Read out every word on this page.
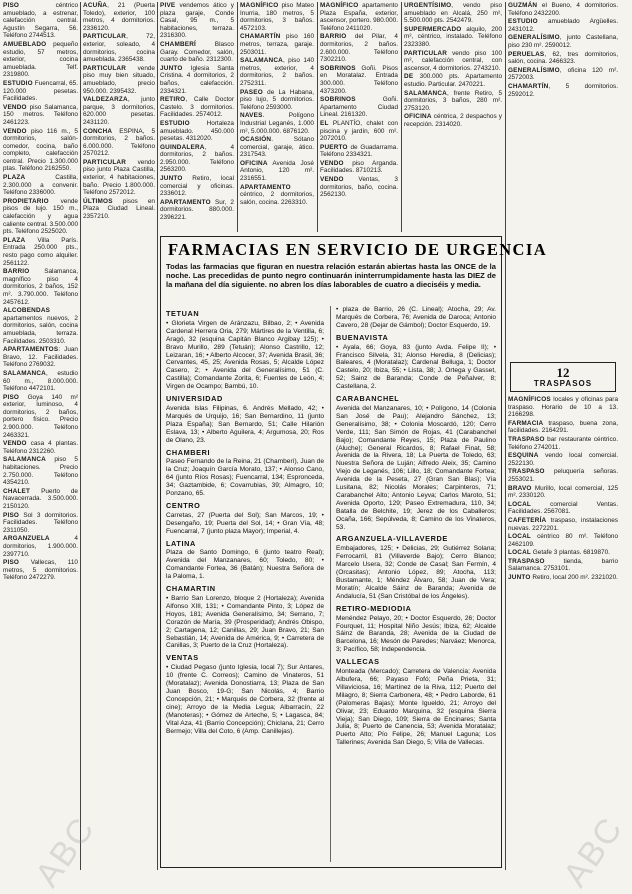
PISO céntrico amueblado, a estrenar, calefacción central. Agustín Segarra, 56. Teléfono 2744513.

AMUEBLADO pequeño estudio, 57 metros, exterior, cocina amueblada. Telf. 2319800.

ESTUDIO Fuencarral, 65. 120.000 pesetas. Facilidades.

VENDO piso Salamanca, 150 metros. Teléfono 2461223.

VENDO piso 116 m., 5 dormitorios, salón-comedor, cocina, baño completo, calefacción central. Precio 1.300.000 ptas. Teléfono 2162550.

PLAZA Castilla, 2.300.000 a convenir. Teléfono 2336000.

PROPIETARIO vende pisos de lujo. 150 m., calefacción y agua caliente central. 3.500.000 pts. Teléfono 2525020.

PLAZA Villa París. Entrada 250.000 pts., resto pago como alquiler. 2561122.

BARRIO Salamanca, magnífico piso 4 dormitorios, 2 baños, 152 m². 3.790.000. Teléfono 2457612.

ALCOBENDAS apartamentos nuevos, 2 dormitorios, salón, cocina amueblada, terraza. Facilidades. 2503310.

APARTAMENTOS: Juan Bravo, 12. Facilidades. Teléfono 2769032.

SALAMANCA, estudio 60 m., 8.000.000. Teléfono 4472101.

PISO Goya 140 m² exterior, luminoso, 4 dormitorios, 2 baños, portero físico. Precio 2.900.000. Teléfono 2463321.

VENDO casa 4 plantas. Teléfono 2312260.

SALAMANCA piso 5 habitaciones. Precio 2.750.000. Teléfono 4354210.

CHALET Puerto de Navacerrada. 3.500.000. 2150120.

PISO Sol 3 dormitorios. Facilidades. Teléfono 2311050.

ARGANZUELA 4 dormitorios, 1.900.000. 2397710.

PISO Vallecas, 110 metros, 5 dormitorios. Teléfono 2472279.

ACUÑA, 21 (Puerta Toledo), exterior, 100 metros, 4 dormitorios. 2336120.

PARTICULAR, 72, exterior, soleado, 4 dormitorios, cocina amueblada. 2365438.

PARTICULAR vende piso muy bien situado, amueblado, precio 950.000. 2395432.

VALDEZARZA, junto parque, 3 dormitorios, 620.000 pesetas. 2431120.

CONCHA ESPINA, 5 dormitorios, 2 baños. 6.000.000. Teléfono 2570212.

PARTICULAR vendo piso junto Plaza Castilla, exterior, 4 habitaciones, baño. Precio 1.800.000. Teléfono 2572012.

ÚLTIMOS pisos en Plaza Ciudad Lineal. 2357210.

PIVE vendemos ático y plaza garaje, Conde Casal, 95 m., 5 habitaciones, terraza. 2316300.

CHAMBERÍ Blasco Garay. Comedor, salón, cuarto de baño. 2312300.

JUNTO Iglesia Santa Cristina. 4 dormitorios, 2 baños, calefacción. 2334321.

RETIRO, Calle Doctor Castelo. 3 dormitorios. Facilidades. 2574012.

ESTUDIO Hortaleza amueblado. 450.000 pesetas. 4312020.

GUINDALERA, 4 dormitorios, 2 baños. 2.950.000. Teléfono 2563200.

JUNTO Retiro, local comercial y oficinas. 2336012.

APARTAMENTO Sur, 2 dormitorios. 880.000. 2396221.

MAGNÍFICO piso Mateo Inurria, 180 metros, 5 dormitorios, 3 baños. 4572103.

CHAMARTÍN piso 160 metros, terraza, garaje. 2503011.

SALAMANCA, piso 140 metros, exterior, 4 dormitorios, 2 baños. 2752311.

PASEO de La Habana, piso lujo, 5 dormitorios. Teléfono 2593000.

NAVES. Polígono Industrial Leganés, 1.000 m², 5.000.000. 6876120.

OCASIÓN. Sótano comercial, garaje, ático. 2317543.

OFICINA Avenida José Antonio, 120 m². 2316551.

APARTAMENTO céntrico, 2 dormitorios, salón, cocina. 2263310.

MAGNÍFICO apartamento Plaza España, exterior, ascensor, portero. 980.000. Teléfono 2411020.

BARRIO del Pilar, 4 dormitorios, 2 baños. 2.600.000. Teléfono 7302210.

SOBRINOS Goñi. Pisos en Moratalaz. Entrada 300.000. Teléfono 4373200.

SOBRINOS Goñi. Apartamento Ciudad Lineal. 2161320.

EL PLANTÍO, chalet con piscina y jardín, 600 m². 2072010.

PUERTO de Guadarrama. Teléfono 2334321.

VENDO piso Arganda. Facilidades. 8710213.

VENDO Ventas, 3 dormitorios, baño, cocina. 2562130.

URGENTÍSIMO, vendo piso amueblado en Alcalá, 250 m², 5.500.000 pts. 2542479.

SUPERMERCADO alquilo, 200 m², céntrico, instalado. Teléfono 2323380.

PARTICULAR vendo piso 100 m², calefacción central, con ascensor, 4 dormitorios. 2743210.

DE 300.000 pts. Apartamento estudio. Particular. 2470221.

SALAMANCA, frente Retiro, 5 dormitorios, 3 baños, 280 m². 2753120.

OFICINA céntrica, 2 despachos y recepción. 2314020.

GUZMÁN el Bueno, 4 dormitorios. Teléfono 2432200.

ESTUDIO amueblado Argüelles. 2431012.

GENERALÍSIMO, junto Castellana, piso 230 m². 2590012.

PERUELAS, 62, tres dormitorios, salón, cocina. 2466323.

GENERALÍSIMO, oficina 120 m². 2572003.

CHAMARTÍN, 5 dormitorios. 2592012.

12
TRASPASOS

MAGNÍFICOS locales y oficinas para traspaso. Horario de 10 a 13. 2166298.

FARMACIA traspaso, buena zona, facilidades. 2164291.

TRASPASO bar restaurante céntrico. Teléfono 2742011.

ESQUINA vendo local comercial. 2522130.

TRASPASO peluquería señoras. 2553021.

BRAVO Murillo, local comercial, 125 m². 2330120.

LOCAL comercial Ventas. Facilidades. 2567081.

CAFETERÍA traspaso, instalaciones nuevas. 2272201.

LOCAL céntrico 80 m². Teléfono 2462109.

LOCAL Getafe 3 plantas. 6819870.

TRASPASO tienda, barrio Salamanca. 2753101.

JUNTO Retiro, local 200 m². 2321020.

FARMACIAS EN SERVICIO DE URGENCIA

Todas las farmacias que figuran en nuestra relación estarán abiertas hasta las ONCE de la noche. Las precedidas de punto negro continuarán ininterrumpidamente hasta las DIEZ de la mañana del día siguiente. no abren los días laborables de cuatro a dieciséis y media.

TETUAN
• Glorieta Virgen de Aránzazu, Bilbao, 2; • Avenida Cardenal Herrera Oria, 279; Mártires de la Ventilla, 6; Aragó, 32 (esquina Capitán Blanco Argibay 125); • Bravo Murillo, 289 (Tetuán); Alonso Castrillo, 12; Leizaran, 16; • Alberto Alcocer, 37; Avenida Brasil, 36; Cervantes, 45, 25; Avenida Rosas, 5; Alcalde López Casero, 2; • Avenida del Generalísimo, 51 (C. Castilla); Comandante Zorita, 6; Fuentes de León, 4; Virgen de Ocampo; Bambú, 10.
UNIVERSIDAD
Avenida Islas Filipinas, 6. Andrés Mellado, 42; • Marqués de Urquijo, 16; San Bernardino, 11 (junto Plaza España); San Bernardo, 51; Calle Hilarión Eslava, 13; • Alberto Aguilera, 4; Argumosa, 20; Ros de Olano, 23.
CHAMBERI
Paseo Fernando de la Reina, 21 (Chamberí), Juan de la Cruz; Joaquín García Morato, 137; • Alonso Cano, 64 (junto Ríos Rosas); Fuencarral, 134; Espronceda, 34; Gaztambide, 6; Covarrubias, 39; Almagro, 10; Ponzano, 65.
CENTRO
Carretas, 27 (Puerta del Sol); San Marcos, 19; • Desengaño, 19; Puerta del Sol, 14; • Gran Vía, 48; Fuencarral, 7 (junto plaza Mayor); Imperial, 4.
LATINA
Plaza de Santo Domingo, 6 (junto teatro Real); Avenida del Manzanares, 60; Toledo, 80; • Comandante Fortea, 36 (Batán); Nuestra Señora de la Paloma, 1.
CHAMARTIN
• Barrio San Lorenzo, bloque 2 (Hortaleza); Avenida Alfonso XIII, 131; • Comandante Pinto, 3; López de Hoyos, 181; Avenida Generalísimo, 34; Serrano, 7; Corazón de María, 39 (Prosperidad); Andrés Obispo, 2; Cartagena, 12; Canillas, 29; Juan Bravo, 21; San Sebastián, 14; Avenida de América, 9; • Carretera de Canillas, 3; Puerto de la Cruz (Hortaleza).
VENTAS
• Ciudad Pegaso (junto Iglesia, local 7); Sur Antares, 10 (frente C. Correos); Camino de Vinateros, 51 (Moratalaz); Avenida Donostiarra, 13; Plaza de San Juan Bosco, 19-G; San Nicolás, 4; Barrio Concepción, 21; • Marqués de Corbera, 32 (frente al cine); Arroyo de la Media Legua; Albarracín, 22 (Manoteras); • Gómez de Arteche, 5; • Lagasca, 84; Vital Aza, 41 (Barrio Concepción); Chiclana, 21; Cerro Bermejo; Villa del Coto, 6 (Amp. Canillejas).
• plaza de Barrio, 26 (C. Lineal); Atocha, 29; Av. Marqués de Corbera, 76; Avenida de Daroca; Antonio Cavero, 28 (Dejar de Gámbol); Doctor Esquerdo, 19.
BUENAVISTA
• Ayala, 66; Goya, 83 (junto Avda. Felipe II); • Francisco Silvela, 31; Alonso Heredia, 8 (Delicias); Baleares, 4 (Moratalaz); Cardenal Belluga, 1; Doctor Castelo, 20; Ibiza, 55; • Lista, 38; J. Ortega y Gasset, 52; Sainz de Baranda; Conde de Peñalver, 8; Castellana, 2.
CARABANCHEL
Avenida del Manzanares, 10; • Polígono, 14 (Colonia San José de Pau); Alejandro Sánchez, 13; Generalísimo, 38; • Colonia Moscardó, 120; Cerro Verde, 111; San Simón de Rojas, 41 (Carabanchel Bajo); Comandante Reyes, 15; Plaza de Paulino (Aluche); General Ricardos, 8; Rafael Finat, 58; Avenida de la Rivera, 18; La Puerta de Toledo, 63; Nuestra Señora de Luján; Alfredo Aleix, 35; Camino Viejo de Leganés, 106; Lillo, 18; Comandante Fortea; Avenida de la Peseta, 27 (Gran San Blas); Vía Lusitana, 82; Nicolás Morales; Carpinteros, 71; Carabanchel Alto; Antonio Leyva; Carlos Maroto, 51; Avenida Oporto, 129; Paseo Extremadura, 110, 34; Batalla de Belchite, 19; Jerez de los Caballeros; Ocaña, 166; Sepúlveda, 8; Camino de los Vinateros, 53.
ARGANZUELA-VILLAVERDE
Embajadores, 125; • Delicias, 29; Gutiérrez Solana; Ferrocarril, 81 (Villaverde Bajo); Cerro Blanco; Marcelo Usera, 32; Conde de Casal; San Fermín, 4 (Orcasitas); Antonio López, 89; Atocha, 113; Bustamante, 1; Méndez Álvaro, 58; Juan de Vera; Moratín; Alcalde Sáinz de Baranda; Avenida de Andalucía, 51 (San Cristóbal de los Ángeles).
RETIRO-MEDIODIA
Menéndez Pelayo, 20; • Doctor Esquerdo, 26; Doctor Fourquet, 11; Hospital Niño Jesús; Ibiza, 62; Alcalde Sáinz de Baranda, 28; Avenida de la Ciudad de Barcelona, 16; Mesón de Paredes; Narváez; Menorca, 3; Pacífico, 58; Independencia.
VALLECAS
Monteada (Mercado); Carretera de Valencia; Avenida Albufera, 66; Payaso Fofó; Peña Prieta, 31; Villaviciosa, 16; Martínez de la Riva, 112; Puerto del Milagro, 8; Sierra Carbonera, 48; • Pedro Laborde, 61 (Palomeras Bajas); Monte Igueldo, 21; Arroyo del Olivar, 23; Eduardo Marquina, 32 (esquina Sierra Vieja); San Diego, 109; Sierra de Encinares; Santa Julia, 8; Puerto de Canencia, 53; Avenida Moratalaz; Puerto Alto; Pío Felipe, 26; Manuel Laguna; Los Tallerines; Avenida San Diego, 5; Villa de Vallecas.
ABC	ABC
